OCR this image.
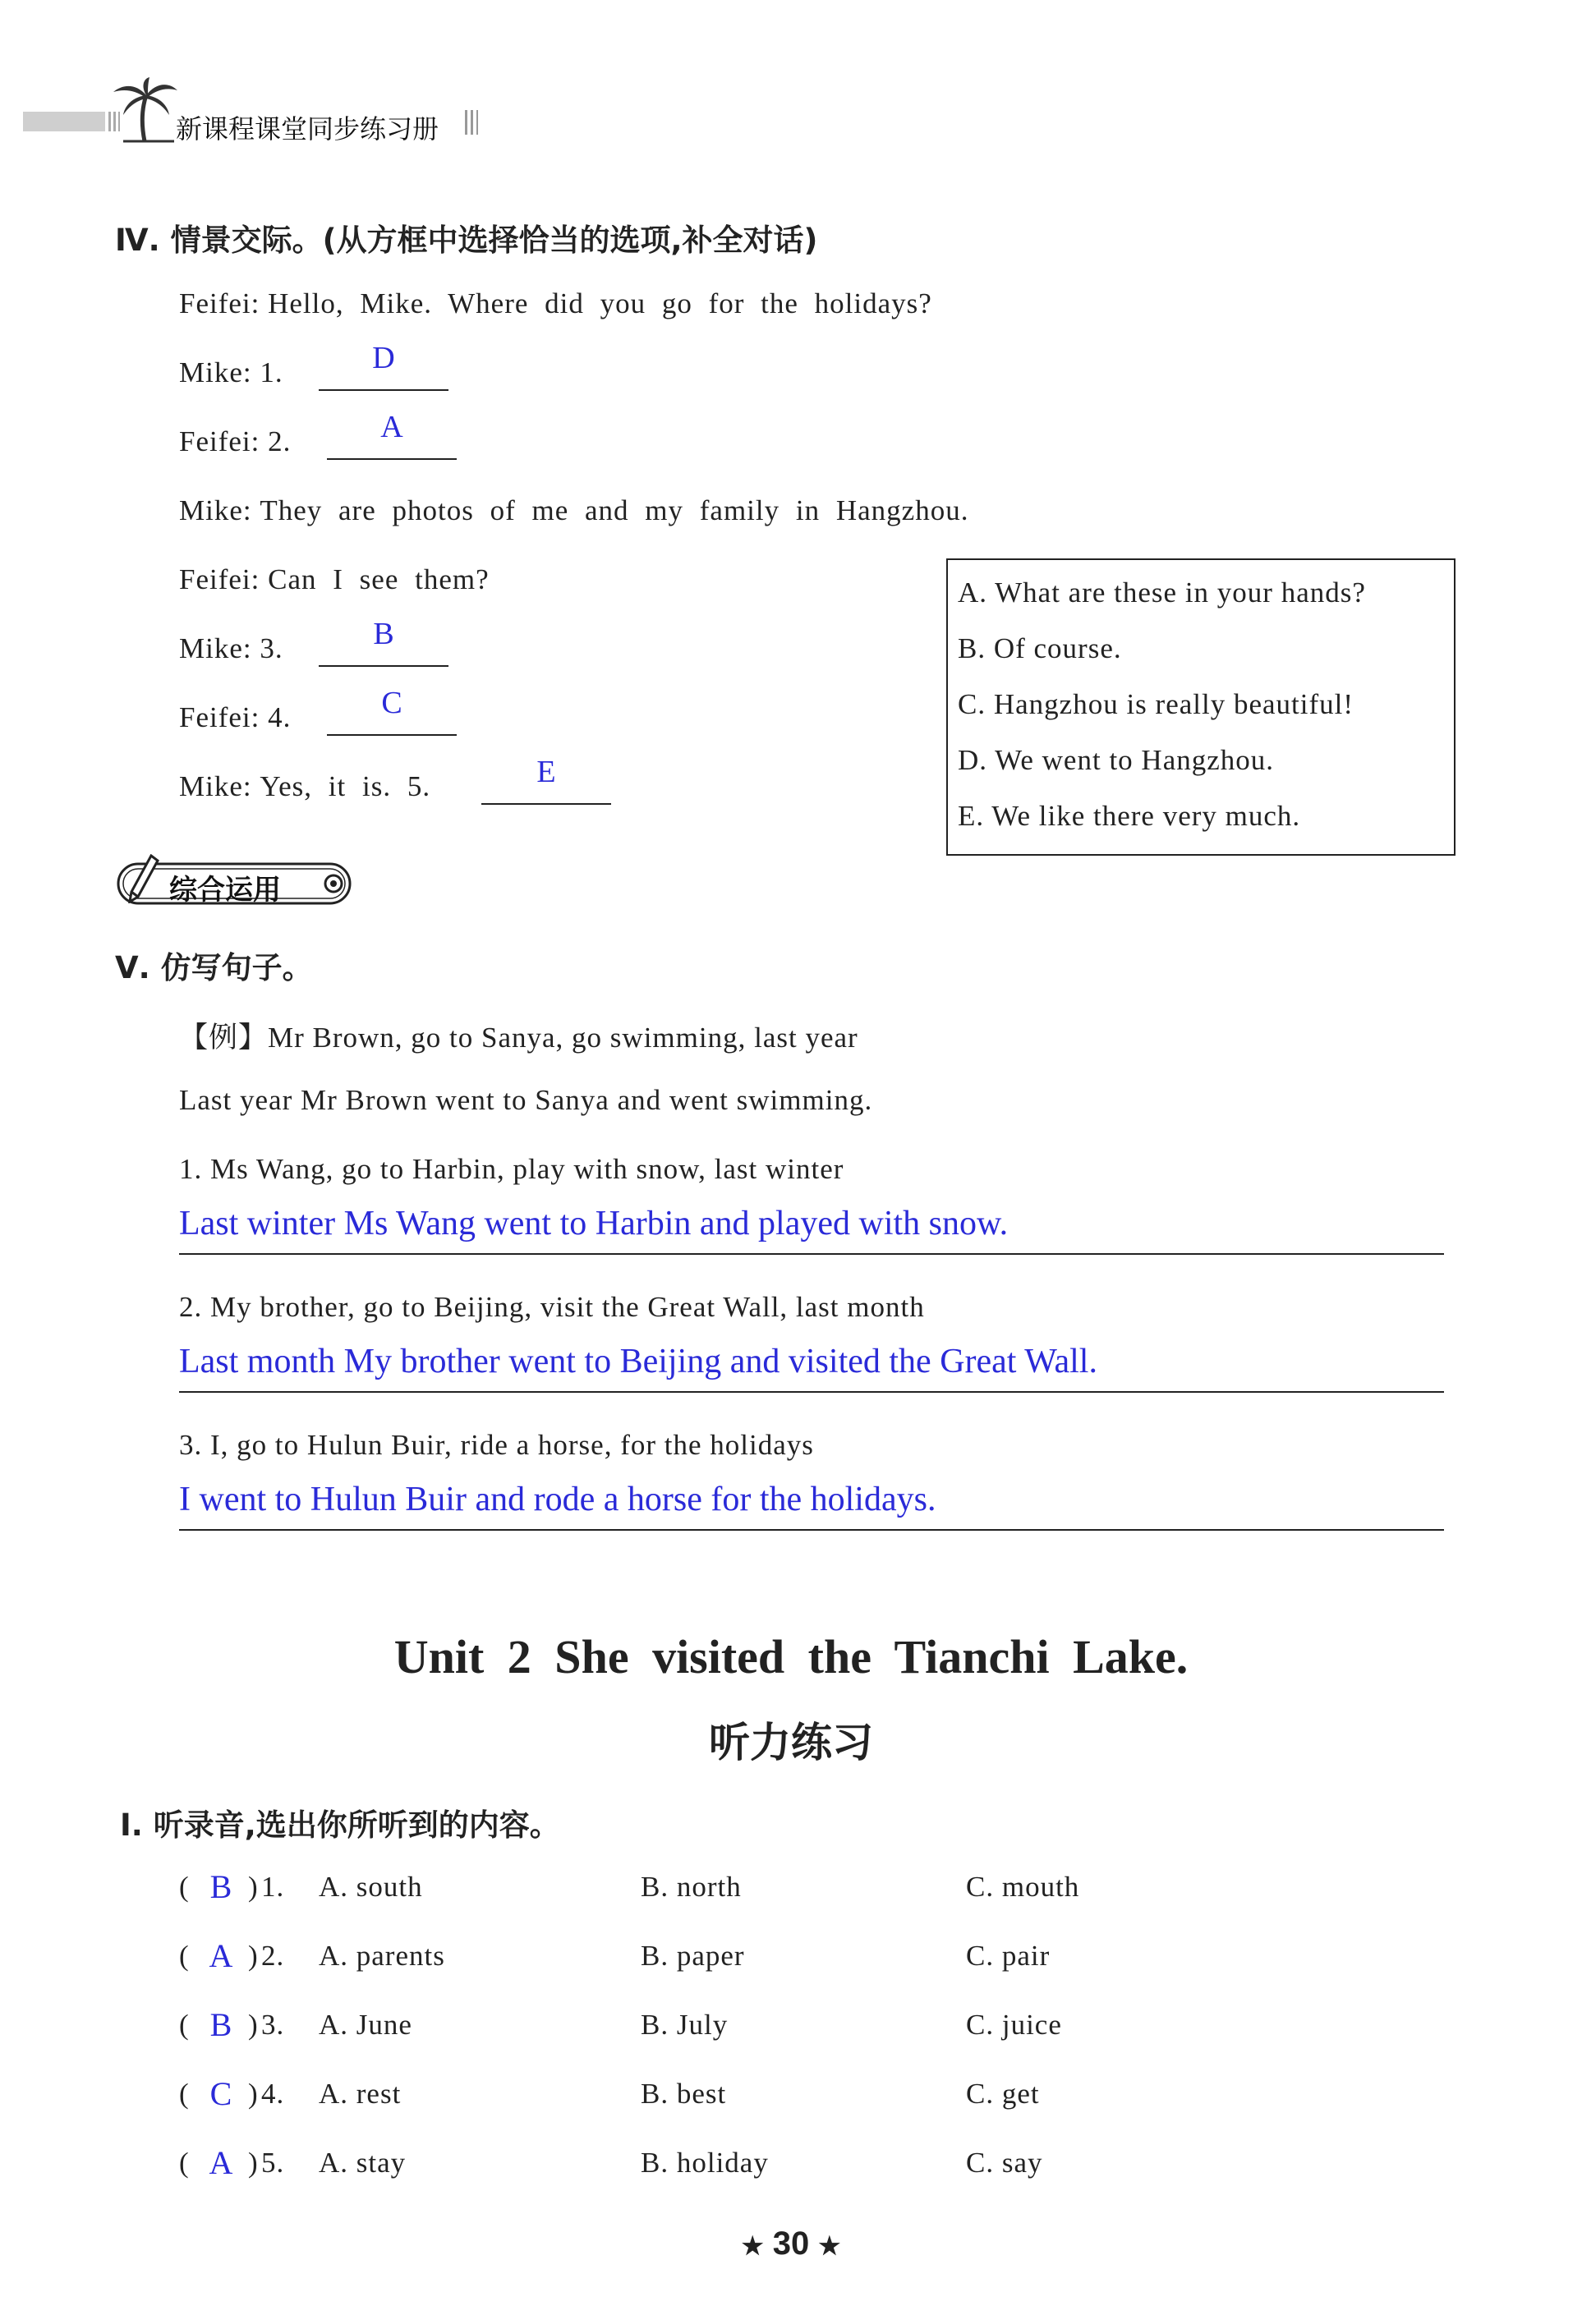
新课程课堂同步练习册
Ⅳ. 情景交际。(从方框中选择恰当的选项,补全对话)
Feifei: Hello, Mike. Where did you go for the holidays?
Mike: 1.	D
Feifei: 2.	A
Mike: They are photos of me and my family in Hangzhou.
Feifei: Can I see them?
Mike: 3.	B
Feifei: 4.	C
Mike: Yes, it is. 5.	E
A. What are these in your hands?
B. Of course.
C. Hangzhou is really beautiful!
D. We went to Hangzhou.
E. We like there very much.
综合运用
Ⅴ. 仿写句子。
【例】Mr Brown, go to Sanya, go swimming, last year
Last year Mr Brown went to Sanya and went swimming.
1. Ms Wang, go to Harbin, play with snow, last winter
Last winter Ms Wang went to Harbin and played with snow.
2. My brother, go to Beijing, visit the Great Wall, last month
Last month My brother went to Beijing and visited the Great Wall.
3. I, go to Hulun Buir, ride a horse, for the holidays
I went to Hulun Buir and rode a horse for the holidays.
Unit 2 She visited the Tianchi Lake.
听力练习
Ⅰ. 听录音,选出你所听到的内容。
( B ) 1. A. south	B. north	C. mouth
( A ) 2. A. parents	B. paper	C. pair
( B ) 3. A. June	B. July	C. juice
( C ) 4. A. rest	B. best	C. get
( A ) 5. A. stay	B. holiday	C. say
★ 30 ★
